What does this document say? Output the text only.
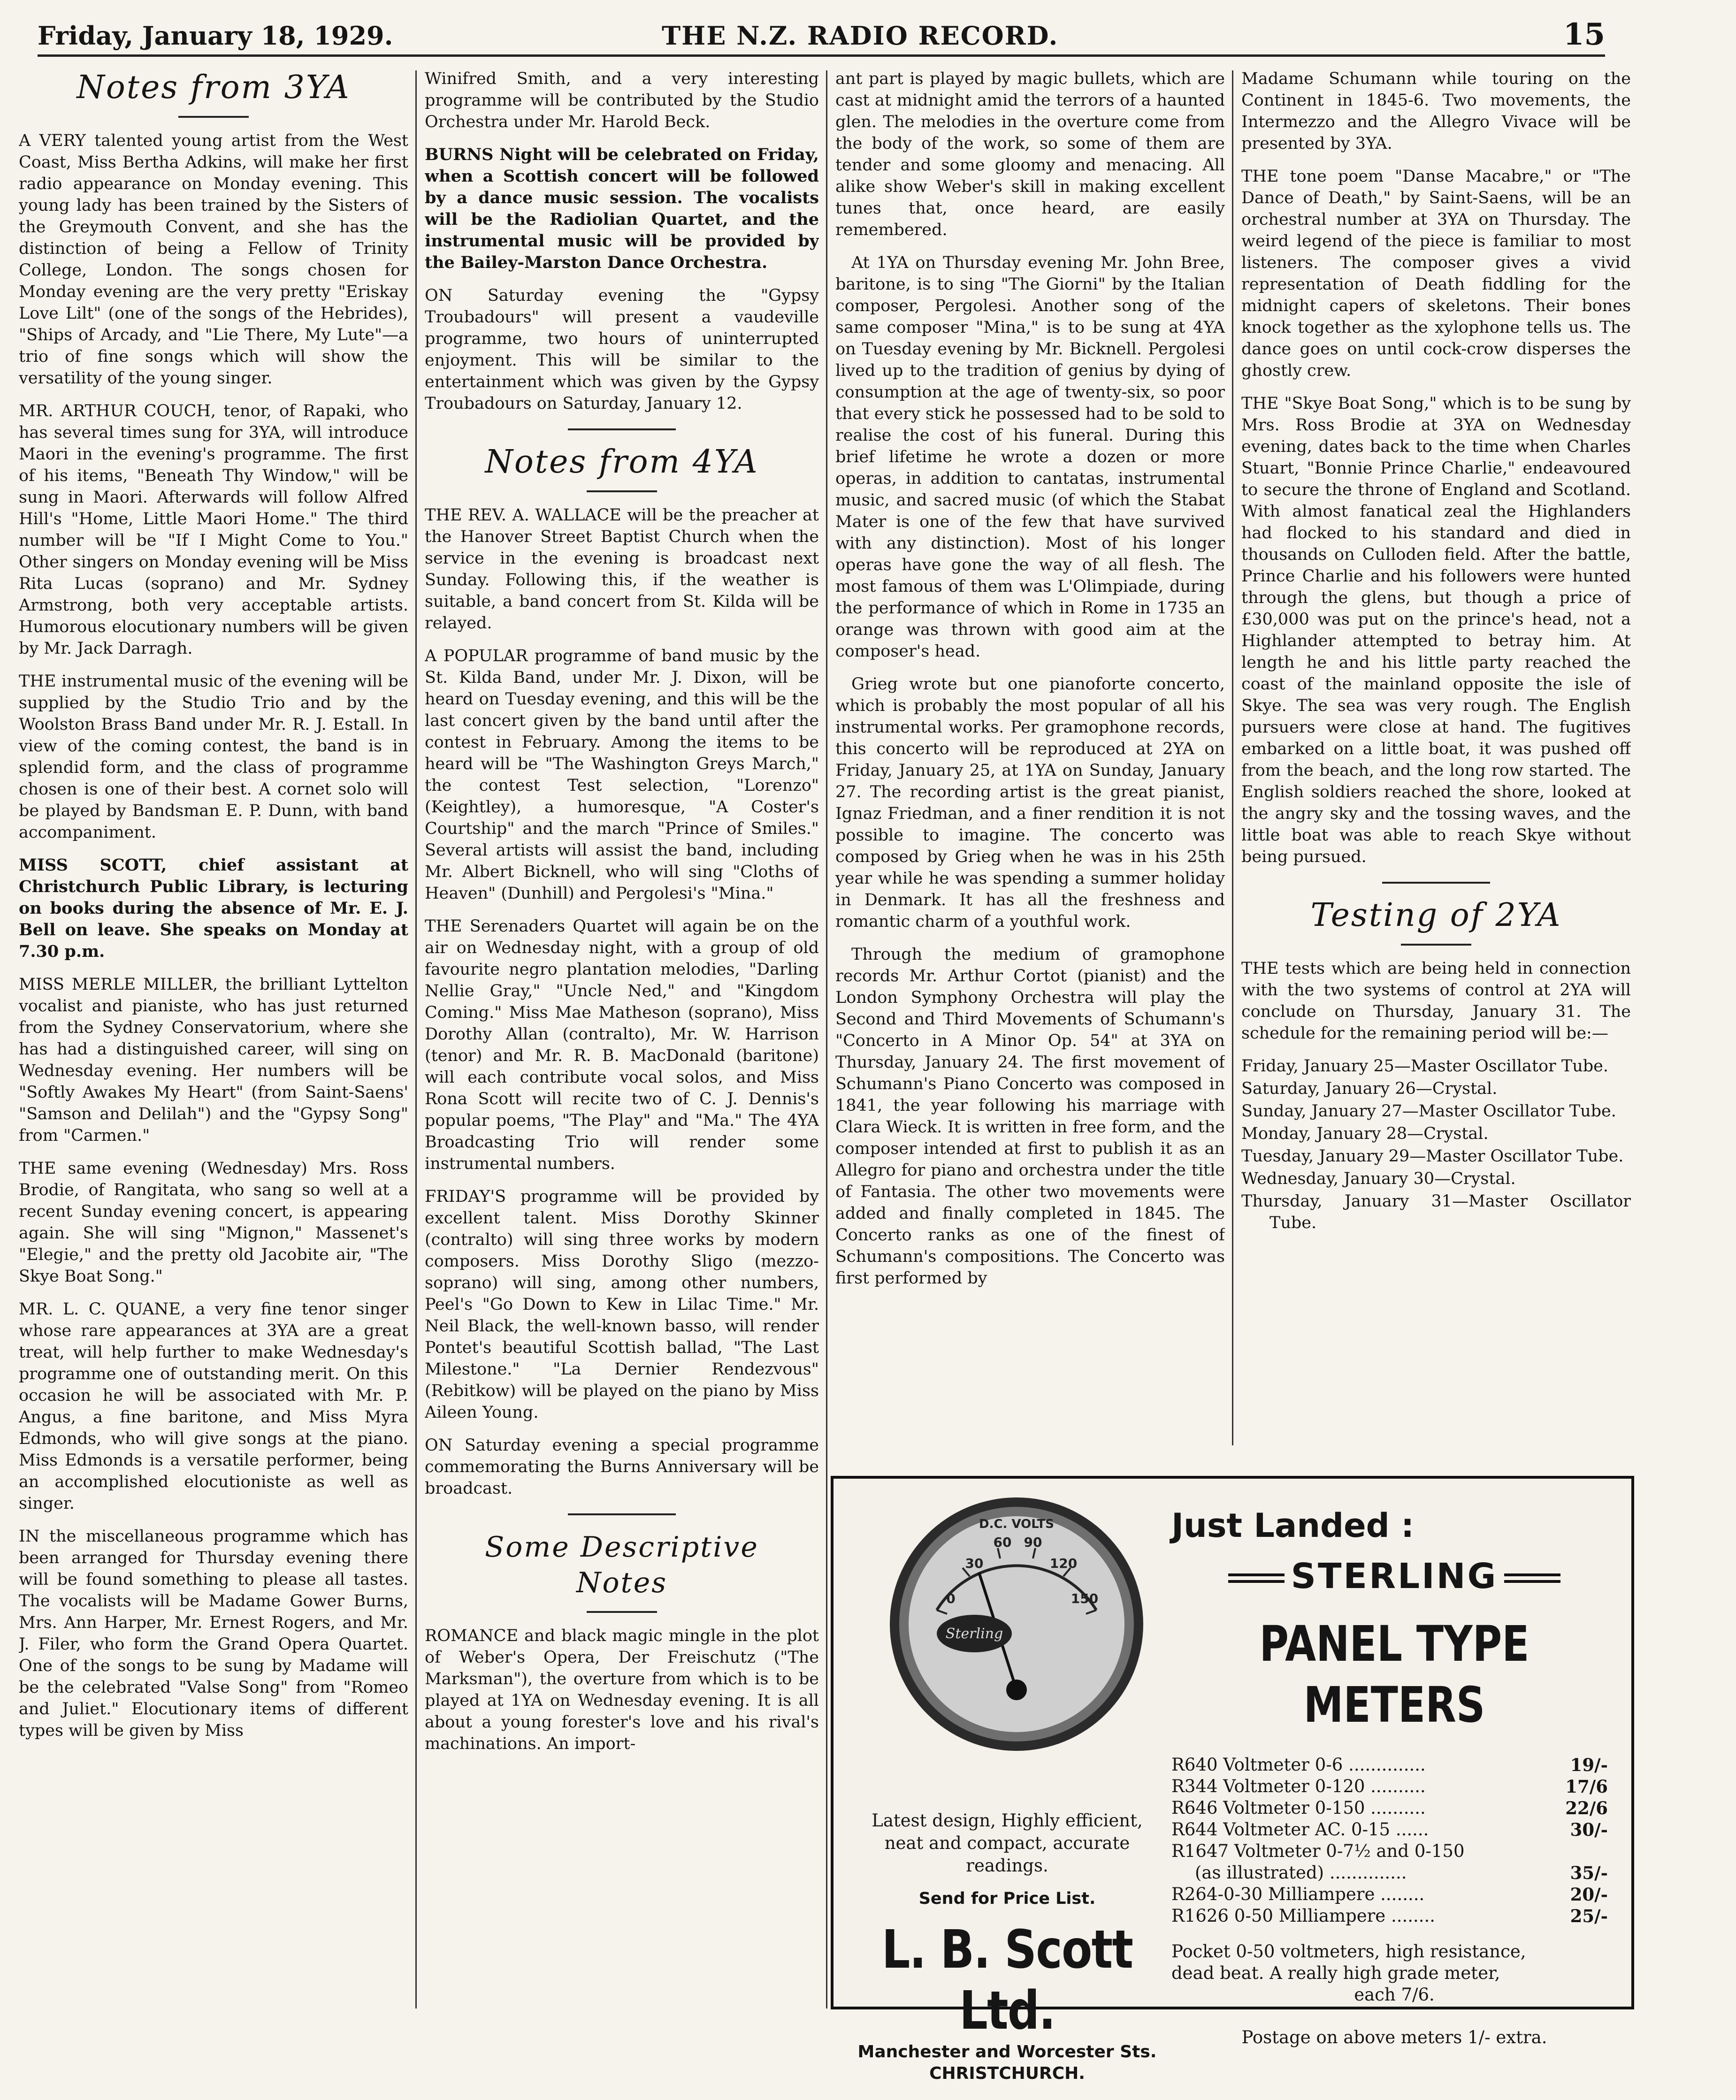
Friday, January 18, 1929.	THE N.Z. RADIO RECORD.	15
Notes from 3YA

A VERY talented young artist from the West Coast, Miss Bertha Adkins, will make her first radio appearance on Monday evening. This young lady has been trained by the Sisters of the Greymouth Convent, and she has the distinction of being a Fellow of Trinity College, London. The songs chosen for Monday evening are the very pretty "Eriskay Love Lilt" (one of the songs of the Hebrides), "Ships of Arcady, and "Lie There, My Lute"—a trio of fine songs which will show the versatility of the young singer.

MR. ARTHUR COUCH, tenor, of Rapaki, who has several times sung for 3YA, will introduce Maori in the evening's programme. The first of his items, "Beneath Thy Window," will be sung in Maori. Afterwards will follow Alfred Hill's "Home, Little Maori Home." The third number will be "If I Might Come to You." Other singers on Monday evening will be Miss Rita Lucas (soprano) and Mr. Sydney Armstrong, both very acceptable artists. Humorous elocutionary numbers will be given by Mr. Jack Darragh.

THE instrumental music of the evening will be supplied by the Studio Trio and by the Woolston Brass Band under Mr. R. J. Estall. In view of the coming contest, the band is in splendid form, and the class of programme chosen is one of their best. A cornet solo will be played by Bandsman E. P. Dunn, with band accompaniment.

MISS SCOTT, chief assistant at Christchurch Public Library, is lecturing on books during the absence of Mr. E. J. Bell on leave. She speaks on Monday at 7.30 p.m.

MISS MERLE MILLER, the brilliant Lyttelton vocalist and pianiste, who has just returned from the Sydney Conservatorium, where she has had a distinguished career, will sing on Wednesday evening. Her numbers will be "Softly Awakes My Heart" (from Saint-Saens' "Samson and Delilah") and the "Gypsy Song" from "Carmen."

THE same evening (Wednesday) Mrs. Ross Brodie, of Rangitata, who sang so well at a recent Sunday evening concert, is appearing again. She will sing "Mignon," Massenet's "Elegie," and the pretty old Jacobite air, "The Skye Boat Song."

MR. L. C. QUANE, a very fine tenor singer whose rare appearances at 3YA are a great treat, will help further to make Wednesday's programme one of outstanding merit. On this occasion he will be associated with Mr. P. Angus, a fine baritone, and Miss Myra Edmonds, who will give songs at the piano. Miss Edmonds is a versatile performer, being an accomplished elocutioniste as well as singer.

IN the miscellaneous programme which has been arranged for Thursday evening there will be found something to please all tastes. The vocalists will be Madame Gower Burns, Mrs. Ann Harper, Mr. Ernest Rogers, and Mr. J. Filer, who form the Grand Opera Quartet. One of the songs to be sung by Madame will be the celebrated "Valse Song" from "Romeo and Juliet." Elocutionary items of different types will be given by Miss

Winifred Smith, and a very interesting programme will be contributed by the Studio Orchestra under Mr. Harold Beck.

BURNS Night will be celebrated on Friday, when a Scottish concert will be followed by a dance music session. The vocalists will be the Radiolian Quartet, and the instrumental music will be provided by the Bailey-Marston Dance Orchestra.

ON Saturday evening the "Gypsy Troubadours" will present a vaudeville programme, two hours of uninterrupted enjoyment. This will be similar to the entertainment which was given by the Gypsy Troubadours on Saturday, January 12.

Notes from 4YA

THE REV. A. WALLACE will be the preacher at the Hanover Street Baptist Church when the service in the evening is broadcast next Sunday. Following this, if the weather is suitable, a band concert from St. Kilda will be relayed.

A POPULAR programme of band music by the St. Kilda Band, under Mr. J. Dixon, will be heard on Tuesday evening, and this will be the last concert given by the band until after the contest in February. Among the items to be heard will be "The Washington Greys March," the contest Test selection, "Lorenzo" (Keightley), a humoresque, "A Coster's Courtship" and the march "Prince of Smiles." Several artists will assist the band, including Mr. Albert Bicknell, who will sing "Cloths of Heaven" (Dunhill) and Pergolesi's "Mina."

THE Serenaders Quartet will again be on the air on Wednesday night, with a group of old favourite negro plantation melodies, "Darling Nellie Gray," "Uncle Ned," and "Kingdom Coming." Miss Mae Matheson (soprano), Miss Dorothy Allan (contralto), Mr. W. Harrison (tenor) and Mr. R. B. MacDonald (baritone) will each contribute vocal solos, and Miss Rona Scott will recite two of C. J. Dennis's popular poems, "The Play" and "Ma." The 4YA Broadcasting Trio will render some instrumental numbers.

FRIDAY'S programme will be provided by excellent talent. Miss Dorothy Skinner (contralto) will sing three works by modern composers. Miss Dorothy Sligo (mezzo-soprano) will sing, among other numbers, Peel's "Go Down to Kew in Lilac Time." Mr. Neil Black, the well-known basso, will render Pontet's beautiful Scottish ballad, "The Last Milestone." "La Dernier Rendezvous" (Rebitkow) will be played on the piano by Miss Aileen Young.

ON Saturday evening a special programme commemorating the Burns Anniversary will be broadcast.

Some Descriptive
Notes

ROMANCE and black magic mingle in the plot of Weber's Opera, Der Freischutz ("The Marksman"), the overture from which is to be played at 1YA on Wednesday evening. It is all about a young forester's love and his rival's machinations. An import-

ant part is played by magic bullets, which are cast at midnight amid the terrors of a haunted glen. The melodies in the overture come from the body of the work, so some of them are tender and some gloomy and menacing. All alike show Weber's skill in making excellent tunes that, once heard, are easily remembered.

At 1YA on Thursday evening Mr. John Bree, baritone, is to sing "The Giorni" by the Italian composer, Pergolesi. Another song of the same composer "Mina," is to be sung at 4YA on Tuesday evening by Mr. Bicknell. Pergolesi lived up to the tradition of genius by dying of consumption at the age of twenty-six, so poor that every stick he possessed had to be sold to realise the cost of his funeral. During this brief lifetime he wrote a dozen or more operas, in addition to cantatas, instrumental music, and sacred music (of which the Stabat Mater is one of the few that have survived with any distinction). Most of his longer operas have gone the way of all flesh. The most famous of them was L'Olimpiade, during the performance of which in Rome in 1735 an orange was thrown with good aim at the composer's head.

Grieg wrote but one pianoforte concerto, which is probably the most popular of all his instrumental works. Per gramophone records, this concerto will be reproduced at 2YA on Friday, January 25, at 1YA on Sunday, January 27. The recording artist is the great pianist, Ignaz Friedman, and a finer rendition it is not possible to imagine. The concerto was composed by Grieg when he was in his 25th year while he was spending a summer holiday in Denmark. It has all the freshness and romantic charm of a youthful work.

Through the medium of gramophone records Mr. Arthur Cortot (pianist) and the London Symphony Orchestra will play the Second and Third Movements of Schumann's "Concerto in A Minor Op. 54" at 3YA on Thursday, January 24. The first movement of Schumann's Piano Concerto was composed in 1841, the year following his marriage with Clara Wieck. It is written in free form, and the composer intended at first to publish it as an Allegro for piano and orchestra under the title of Fantasia. The other two movements were added and finally completed in 1845. The Concerto ranks as one of the finest of Schumann's compositions. The Concerto was first performed by

Madame Schumann while touring on the Continent in 1845-6. Two movements, the Intermezzo and the Allegro Vivace will be presented by 3YA.

THE tone poem "Danse Macabre," or "The Dance of Death," by Saint-Saens, will be an orchestral number at 3YA on Thursday. The weird legend of the piece is familiar to most listeners. The composer gives a vivid representation of Death fiddling for the midnight capers of skeletons. Their bones knock together as the xylophone tells us. The dance goes on until cock-crow disperses the ghostly crew.

THE "Skye Boat Song," which is to be sung by Mrs. Ross Brodie at 3YA on Wednesday evening, dates back to the time when Charles Stuart, "Bonnie Prince Charlie," endeavoured to secure the throne of England and Scotland. With almost fanatical zeal the Highlanders had flocked to his standard and died in thousands on Culloden field. After the battle, Prince Charlie and his followers were hunted through the glens, but though a price of £30,000 was put on the prince's head, not a Highlander attempted to betray him. At length he and his little party reached the coast of the mainland opposite the isle of Skye. The sea was very rough. The English pursuers were close at hand. The fugitives embarked on a little boat, it was pushed off from the beach, and the long row started. The English soldiers reached the shore, looked at the angry sky and the tossing waves, and the little boat was able to reach Skye without being pursued.

Testing of 2YA

THE tests which are being held in connection with the two systems of control at 2YA will conclude on Thursday, January 31. The schedule for the remaining period will be:—

Friday, January 25—Master Oscillator Tube.
Saturday, January 26—Crystal.
Sunday, January 27—Master Oscillator Tube.
Monday, January 28—Crystal.
Tuesday, January 29—Master Oscillator Tube.
Wednesday, January 30—Crystal.
Thursday, January 31—Master Oscillator Tube.
0
30
60 90
120
150
D.C. VOLTS
Sterling
Latest design, Highly efficient, neat and compact, accurate readings.
Send for Price List.
L. B. Scott Ltd.
Manchester and Worcester Sts.
CHRISTCHURCH.
Just Landed :
STERLING
PANEL TYPE METERS
R640 Voltmeter 0-6 ..............	19/-
R344 Voltmeter 0-120 ..........	17/6
R646 Voltmeter 0-150 ..........	22/6
R644 Voltmeter AC. 0-15 ......	30/-
R1647 Voltmeter 0-7½ and 0-150	
(as illustrated) ..............	35/-
R264-0-30 Milliampere ........	20/-
R1626 0-50 Milliampere ........	25/-
Pocket 0-50 voltmeters, high resistance,
dead beat. A really high grade meter,
each 7/6.
Postage on above meters 1/- extra.
